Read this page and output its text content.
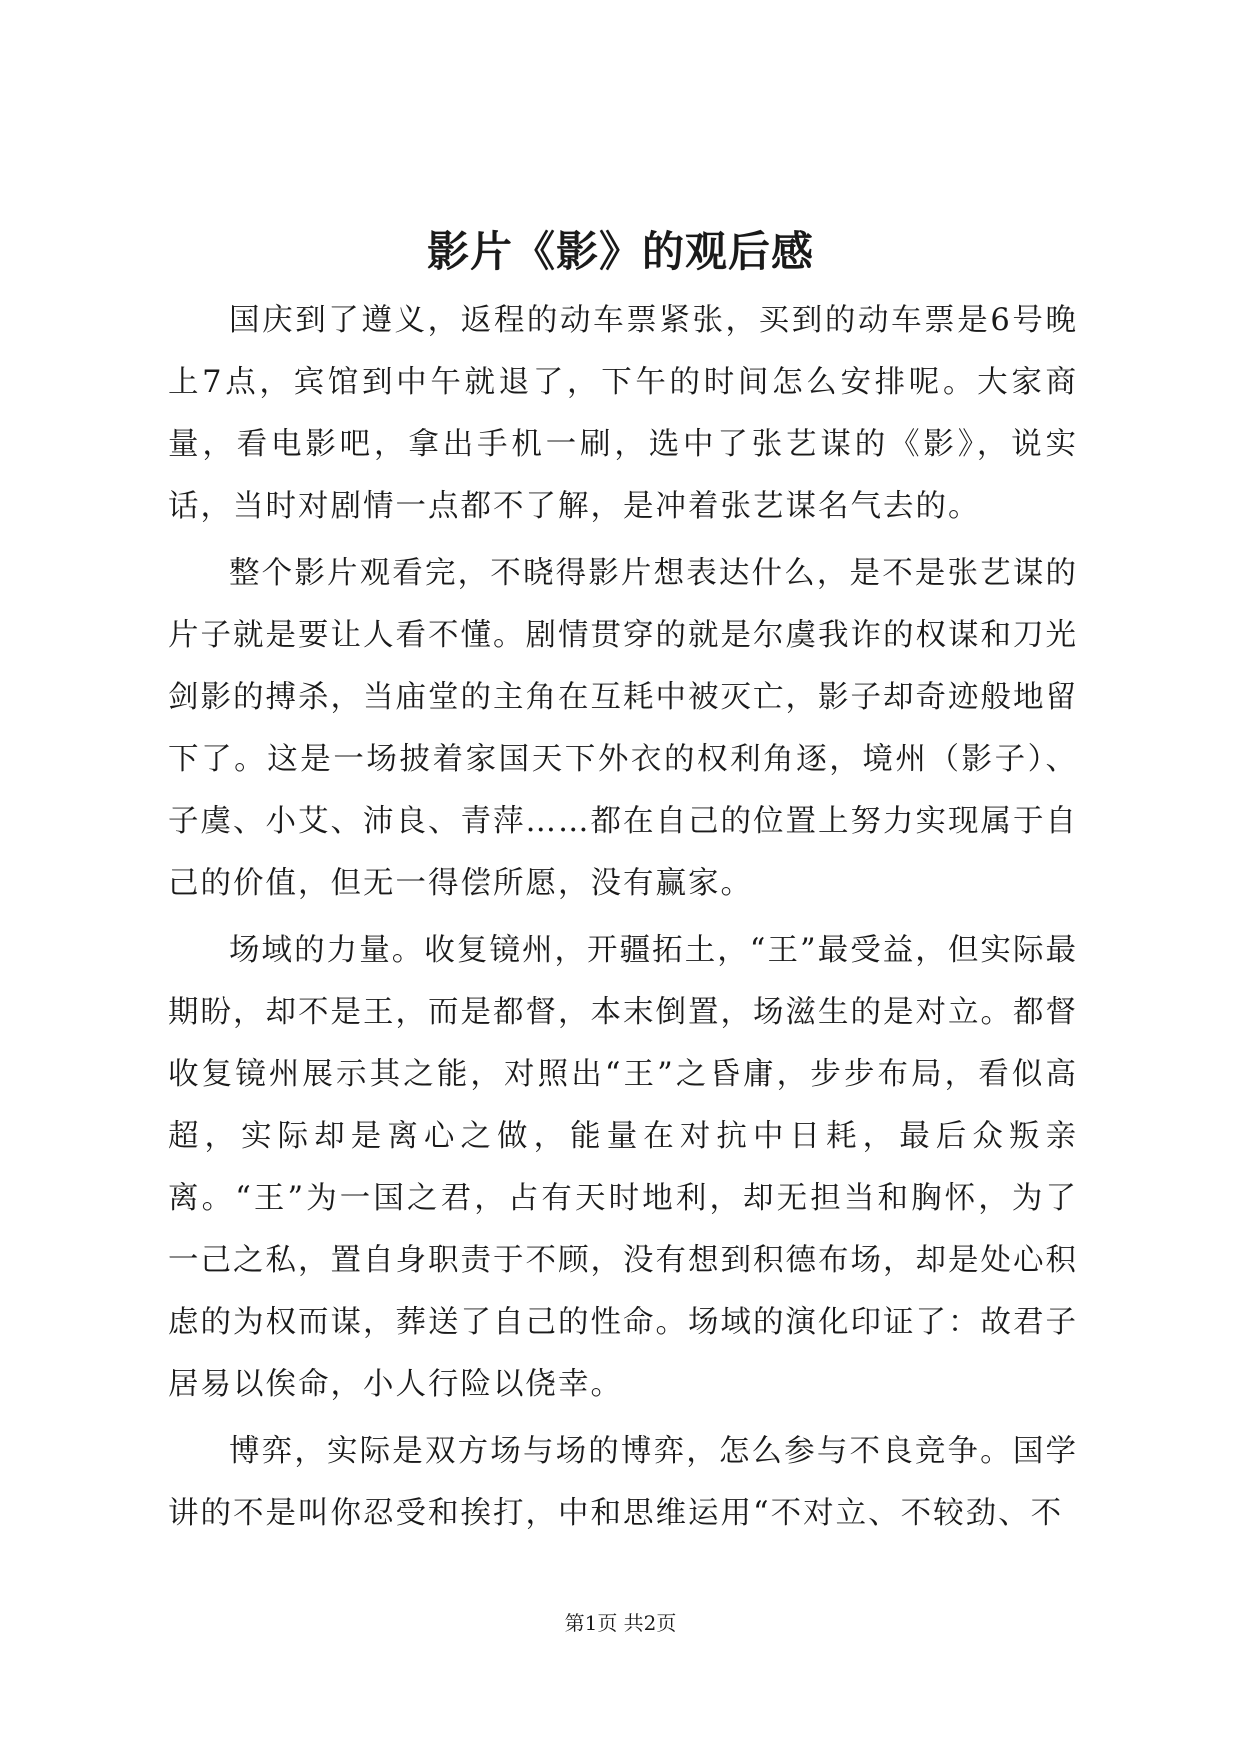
影片《影》的观后感

国庆到了遵义，返程的动车票紧张，买到的动车票是6号晚上7点，宾馆到中午就退了，下午的时间怎么安排呢。大家商量，看电影吧，拿出手机一刷，选中了张艺谋的《影》，说实话，当时对剧情一点都不了解，是冲着张艺谋名气去的。

整个影片观看完，不晓得影片想表达什么，是不是张艺谋的片子就是要让人看不懂。剧情贯穿的就是尔虞我诈的权谋和刀光剑影的搏杀，当庙堂的主角在互耗中被灭亡，影子却奇迹般地留下了。这是一场披着家国天下外衣的权利角逐，境州（影子）、子虞、小艾、沛良、青萍……都在自己的位置上努力实现属于自己的价值，但无一得偿所愿，没有赢家。

场域的力量。收复镜州，开疆拓土，“王”最受益，但实际最期盼，却不是王，而是都督，本末倒置，场滋生的是对立。都督收复镜州展示其之能，对照出“王”之昏庸，步步布局，看似高超，实际却是离心之做，能量在对抗中日耗，最后众叛亲离。“王”为一国之君，占有天时地利，却无担当和胸怀，为了一己之私，置自身职责于不顾，没有想到积德布场，却是处心积虑的为权而谋，葬送了自己的性命。场域的演化印证了：故君子居易以俟命，小人行险以侥幸。

博弈，实际是双方场与场的博弈，怎么参与不良竞争。国学讲的不是叫你忍受和挨打，中和思维运用“不对立、不较劲、不

第1页 共2页
